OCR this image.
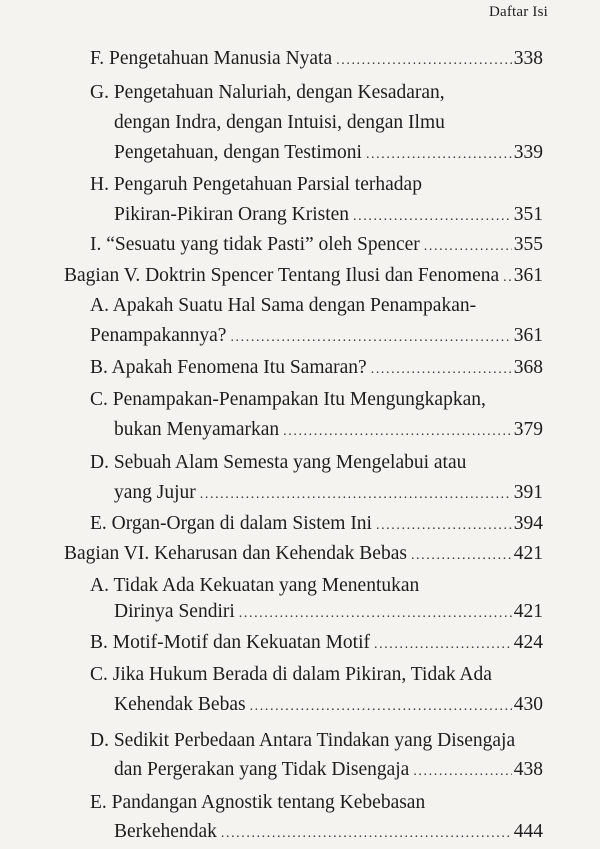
Daftar Isi
F. Pengetahuan Manusia Nyata .....	338
G. Pengetahuan Naluriah, dengan Kesadaran,
dengan Indra, dengan Intuisi, dengan Ilmu
Pengetahuan, dengan Testimoni .....	339
H. Pengaruh Pengetahuan Parsial terhadap
Pikiran-Pikiran Orang Kristen .....	351
I. “Sesuatu yang tidak Pasti” oleh Spencer .....	355
Bagian V. Doktrin Spencer Tentang Ilusi dan Fenomena ..... 361
A. Apakah Suatu Hal Sama dengan Penampakan-
Penampakannya? .....	361
B. Apakah Fenomena Itu Samaran? .....	368
C. Penampakan-Penampakan Itu Mengungkapkan,
bukan Menyamarkan .....	379
D. Sebuah Alam Semesta yang Mengelabui atau
yang Jujur .....	391
E. Organ-Organ di dalam Sistem Ini .....	394
Bagian VI. Keharusan dan Kehendak Bebas .....	421
A. Tidak Ada Kekuatan yang Menentukan
Dirinya Sendiri .....	421
B. Motif-Motif dan Kekuatan Motif .....	424
C. Jika Hukum Berada di dalam Pikiran, Tidak Ada
Kehendak Bebas .....	430
D. Sedikit Perbedaan Antara Tindakan yang Disengaja
dan Pergerakan yang Tidak Disengaja .....	438
E. Pandangan Agnostik tentang Kebebasan
Berkehendak .....	444
